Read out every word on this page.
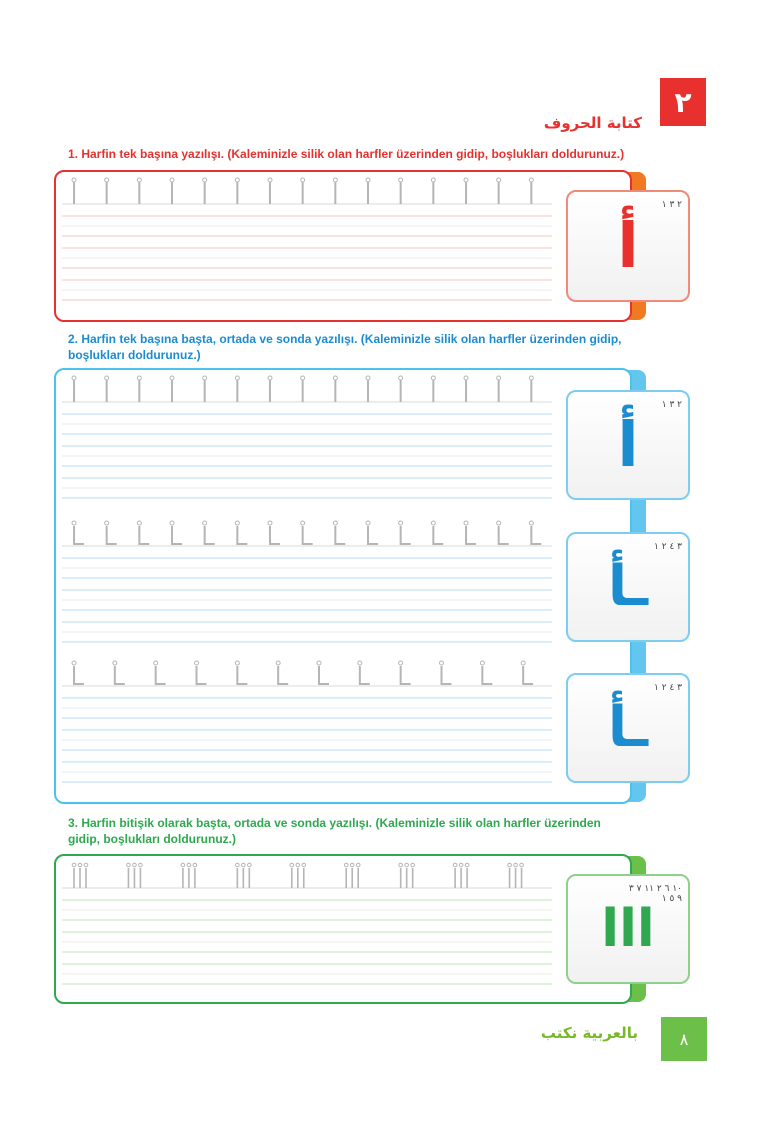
٢
كتابة الحروف
1. Harfin tek başına yazılışı. (Kaleminizle silik olan harfler üzerinden gidip, boşlukları doldurunuz.)
أ
٢ ٣ ١
2. Harfin tek başına başta, ortada ve sonda yazılışı. (Kaleminizle silik olan harfler üzerinden gidip,
boşlukları doldurunuz.)
أ
٢ ٣ ١
ـأ
٣ ٤ ٢ ١
ـأ
٣ ٤ ٢ ١
3. Harfin bitişik olarak başta, ortada ve sonda yazılışı. (Kaleminizle silik olan harfler üzerinden
gidip, boşlukları doldurunuz.)
ااا
١٠ ٦ ٢ ١١ ٧ ٣ ٩ ٥ ١
بالعربية نكتب	٨
